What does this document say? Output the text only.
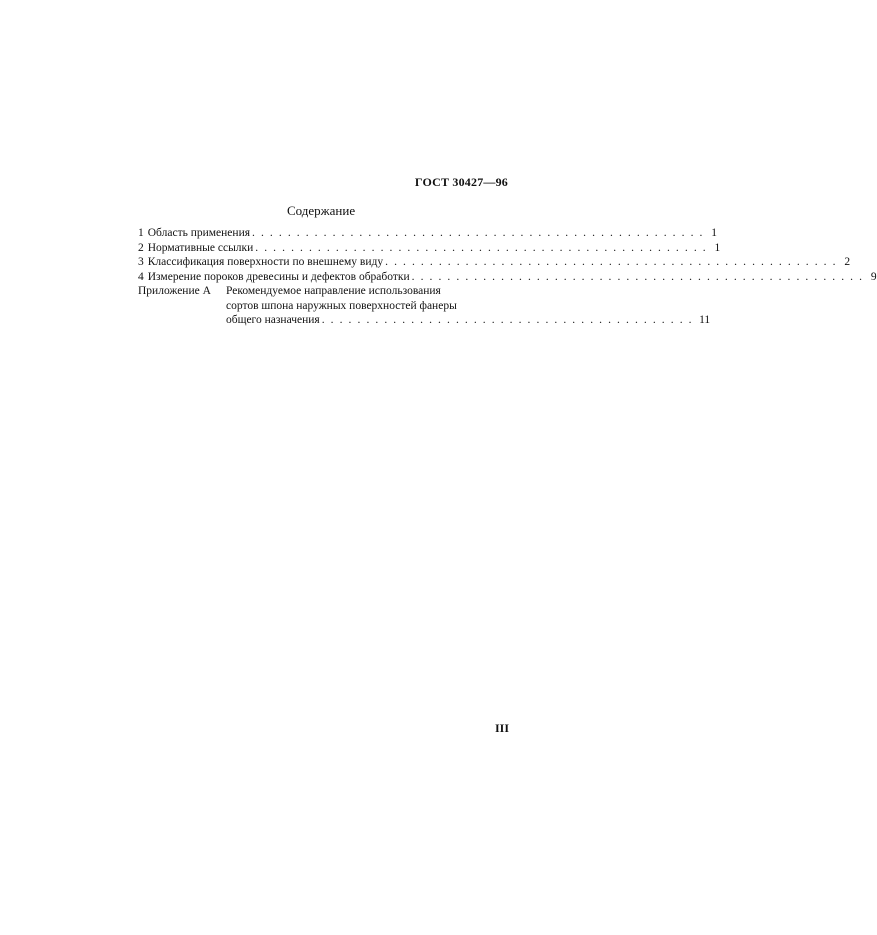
ГОСТ 30427—96
Содержание
1 Область применения . . . . . . . . . . . . . . . . . . . . . . . . . . . . . . . . . . . . . . . . . . . . . . . . . . . 1
2 Нормативные ссылки . . . . . . . . . . . . . . . . . . . . . . . . . . . . . . . . . . . . . . . . . . . . . . . . . . . 1
3 Классификация поверхности по внешнему виду . . . . . . . . . . . . . . . . . . . . . . . . . . . . . . . . . . . . . . . . . . . . . . . . . . . 2
4 Измерение пороков древесины и дефектов обработки . . . . . . . . . . . . . . . . . . . . . . . . . . . . . . . . . . . . . . . . . . . . . . . . . . . 9
Приложение А	Рекомендуемое направление использования
сортов шпона наружных поверхностей фанеры
общего назначения . . . . . . . . . . . . . . . . . . . . . . . . . . . . . . . . . . . . . . . . . . 11
III
